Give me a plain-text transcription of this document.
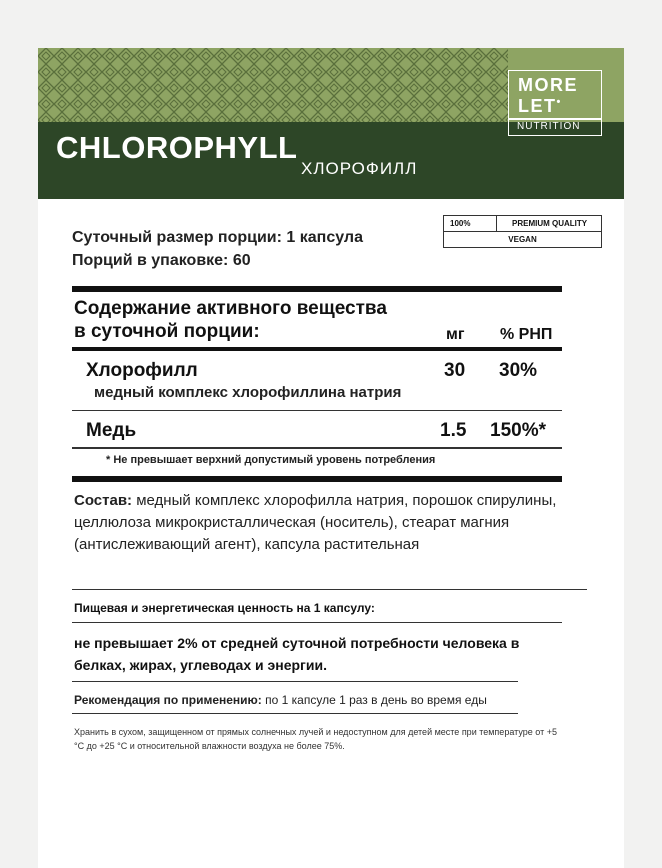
CHLOROPHYLL
ХЛОРОФИЛЛ
MORE
LET•
NUTRITION
100%	PREMIUM QUALITY
VEGAN
Суточный размер порции: 1 капсула
Порций в упаковке: 60
Содержание активного вещества
в суточной порции:	мг % РНП
Хлорофилл	30 30%
медный комплекс хлорофиллина натрия
Медь	1.5 150%*
* Не превышает верхний допустимый уровень потребления
Состав: медный комплекс хлорофилла натрия, порошок спирулины, целлюлоза микрокристаллическая (носитель), стеарат магния (антислеживающий агент), капсула растительная
Пищевая и энергетическая ценность на 1 капсулу:
не превышает 2% от средней суточной потребности человека в белках, жирах, углеводах и энергии.
Рекомендация по применению: по 1 капсуле 1 раз в день во время еды
Хранить в сухом, защищенном от прямых солнечных лучей и недоступном для детей месте при температуре от +5 °С до +25 °С и относительной влажности воздуха не более 75%.
